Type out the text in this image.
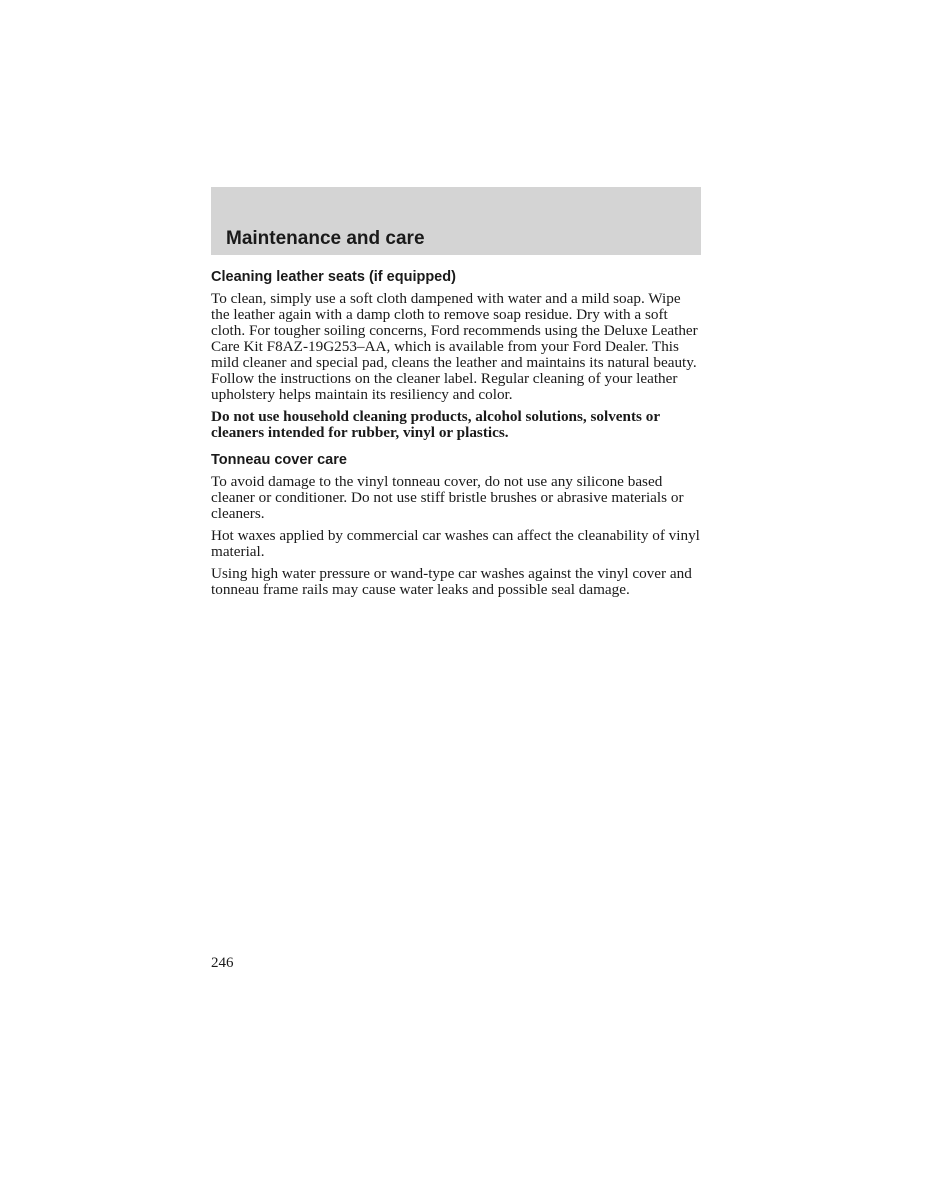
Maintenance and care
Cleaning leather seats (if equipped)

To clean, simply use a soft cloth dampened with water and a mild soap. Wipe the leather again with a damp cloth to remove soap residue. Dry with a soft cloth. For tougher soiling concerns, Ford recommends using the Deluxe Leather Care Kit F8AZ-19G253–AA, which is available from your Ford Dealer. This mild cleaner and special pad, cleans the leather and maintains its natural beauty. Follow the instructions on the cleaner label. Regular cleaning of your leather upholstery helps maintain its resiliency and color.

Do not use household cleaning products, alcohol solutions, solvents or cleaners intended for rubber, vinyl or plastics.

Tonneau cover care

To avoid damage to the vinyl tonneau cover, do not use any silicone based cleaner or conditioner. Do not use stiff bristle brushes or abrasive materials or cleaners.

Hot waxes applied by commercial car washes can affect the cleanability of vinyl material.

Using high water pressure or wand-type car washes against the vinyl cover and tonneau frame rails may cause water leaks and possible seal damage.

246
